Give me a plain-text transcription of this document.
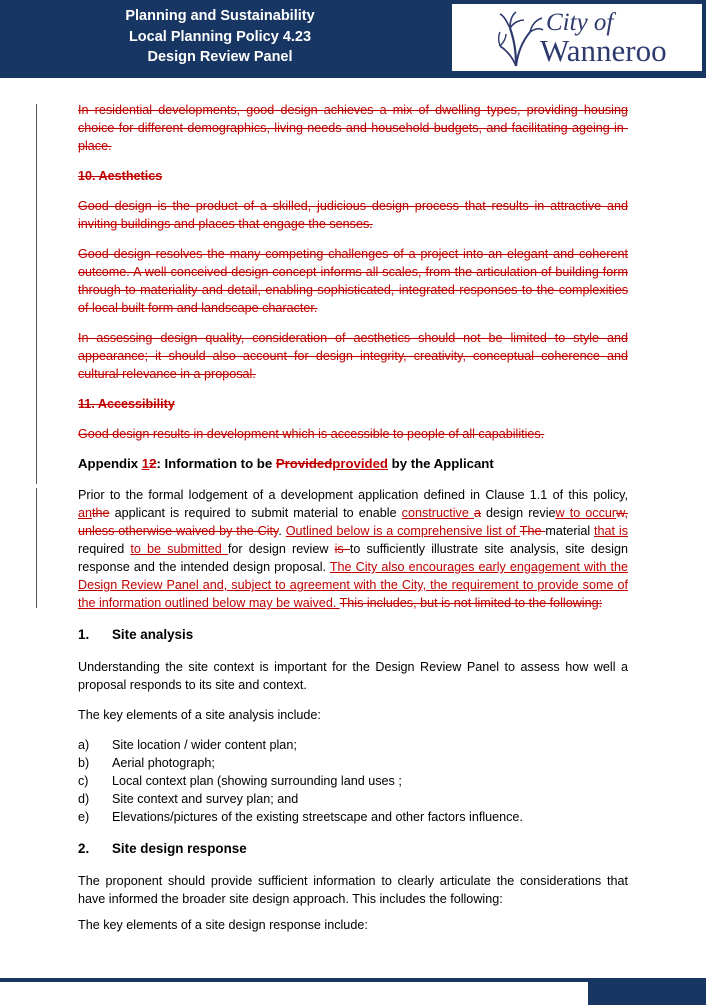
Planning and Sustainability
Local Planning Policy 4.23
Design Review Panel
City of
Wanneroo

In residential developments, good design achieves a mix of dwelling types, providing housing choice for different demographics, living needs and household budgets, and facilitating ageing-in-place.

10. Aesthetics

Good design is the product of a skilled, judicious design process that results in attractive and inviting buildings and places that engage the senses.

Good design resolves the many competing challenges of a project into an elegant and coherent outcome. A well-conceived design concept informs all scales, from the articulation of building form through to materiality and detail, enabling sophisticated, integrated responses to the complexities of local built form and landscape character.

In assessing design quality, consideration of aesthetics should not be limited to style and appearance; it should also account for design integrity, creativity, conceptual coherence and cultural relevance in a proposal.

11. Accessibility

Good design results in development which is accessible to people of all capabilities.

Appendix 12: Information to be Providedprovided by the Applicant

Prior to the formal lodgement of a development application defined in Clause 1.1 of this policy, anthe applicant is required to submit material to enable constructive a design review to occurw, unless otherwise waived by the City. Outlined below is a comprehensive list of The material that is required to be submitted for design review is to sufficiently illustrate site analysis, site design response and the intended design proposal. The City also encourages early engagement with the Design Review Panel and, subject to agreement with the City, the requirement to provide some of the information outlined below may be waived. This includes, but is not limited to the following:

1.	Site analysis

Understanding the site context is important for the Design Review Panel to assess how well a proposal responds to its site and context.

The key elements of a site analysis include:

a)	Site location / wider content plan;
b)	Aerial photograph;
c)	Local context plan (showing surrounding land uses ;
d)	Site context and survey plan; and
e)	Elevations/pictures of the existing streetscape and other factors influence.
2.	Site design response

The proponent should provide sufficient information to clearly articulate the considerations that have informed the broader site design approach. This includes the following:

The key elements of a site design response include:
